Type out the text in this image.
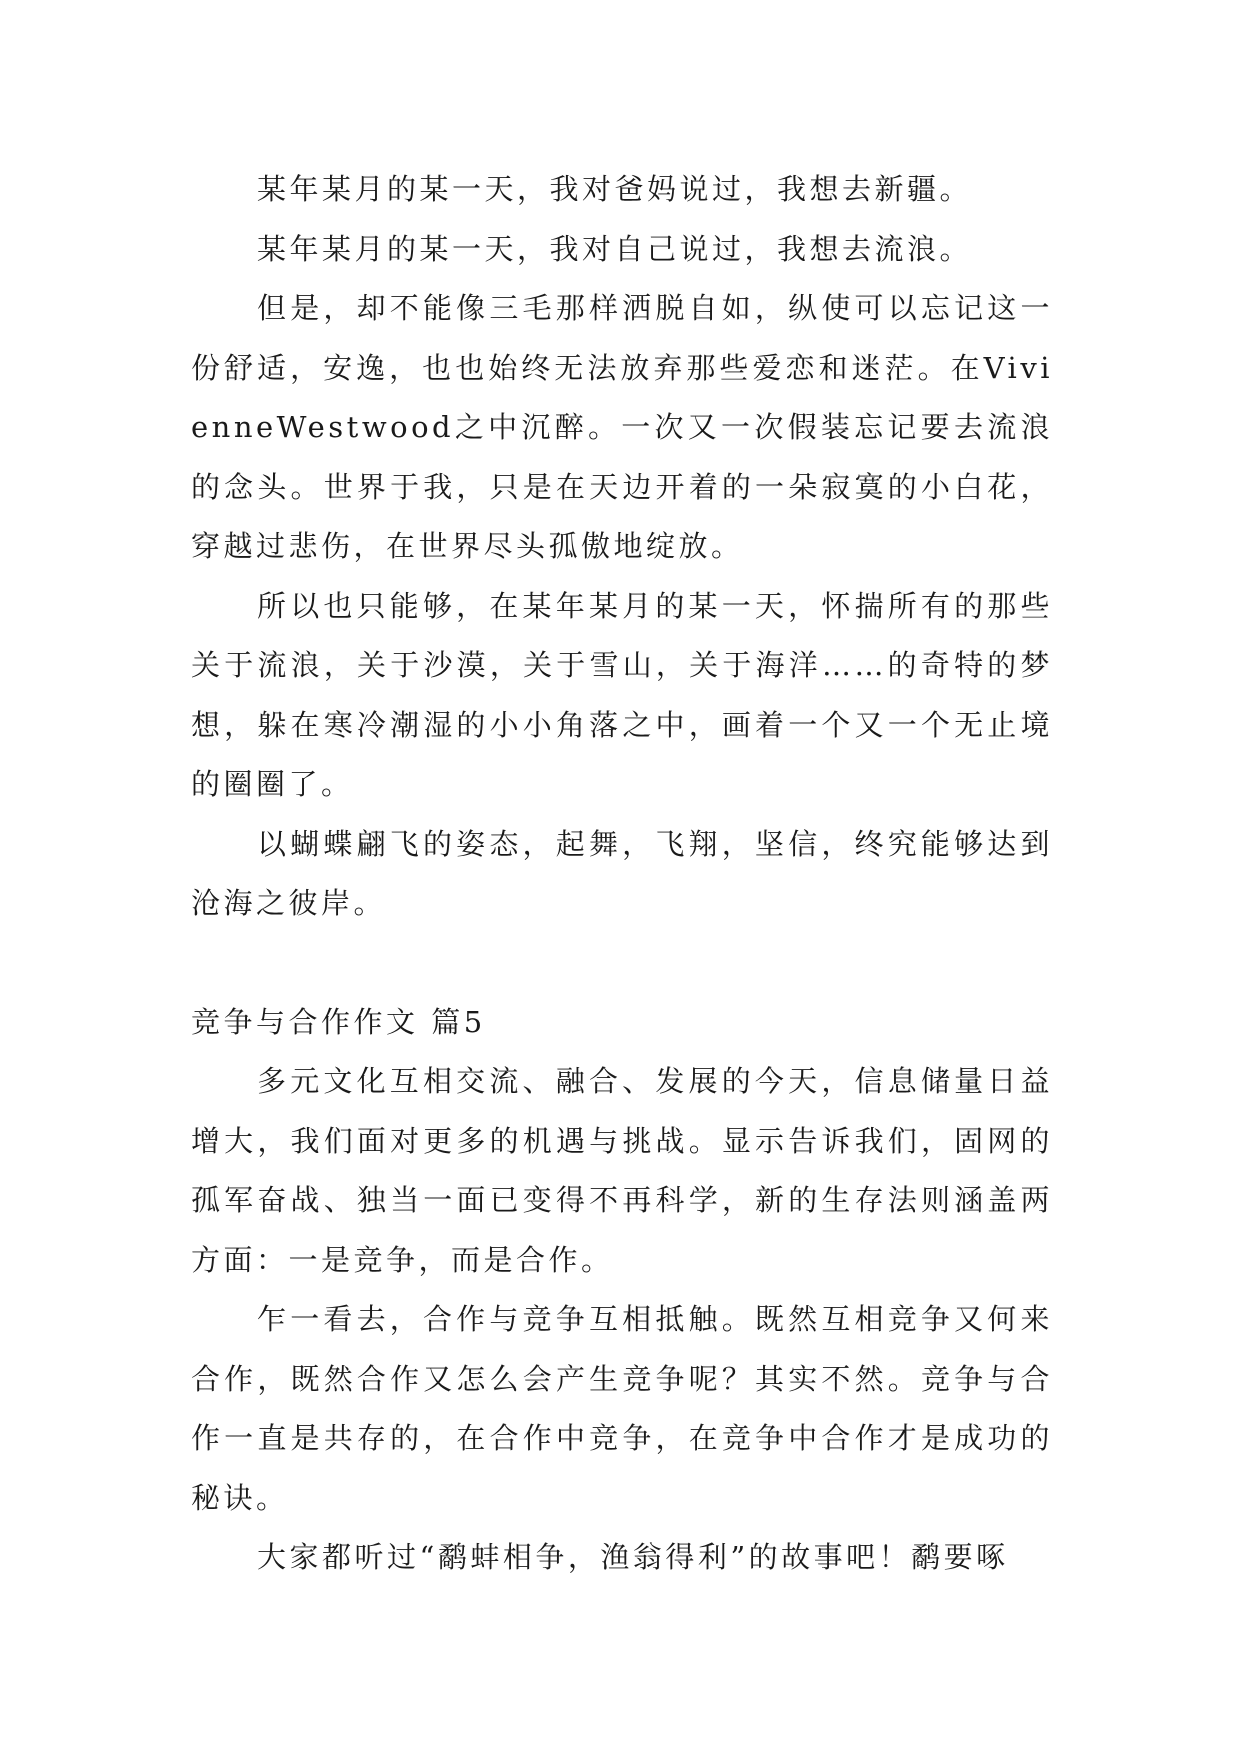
某年某月的某一天，我对爸妈说过，我想去新疆。

某年某月的某一天，我对自己说过，我想去流浪。

但是，却不能像三毛那样洒脱自如，纵使可以忘记这一份舒适，安逸，也也始终无法放弃那些爱恋和迷茫。在VivienneWestwood之中沉醉。一次又一次假装忘记要去流浪的念头。世界于我，只是在天边开着的一朵寂寞的小白花，穿越过悲伤，在世界尽头孤傲地绽放。

所以也只能够，在某年某月的某一天，怀揣所有的那些关于流浪，关于沙漠，关于雪山，关于海洋……的奇特的梦想，躲在寒冷潮湿的小小角落之中，画着一个又一个无止境的圈圈了。

以蝴蝶翩飞的姿态，起舞，飞翔，坚信，终究能够达到沧海之彼岸。

竞争与合作作文 篇5

多元文化互相交流、融合、发展的今天，信息储量日益增大，我们面对更多的机遇与挑战。显示告诉我们，固网的孤军奋战、独当一面已变得不再科学，新的生存法则涵盖两方面：一是竞争，而是合作。

乍一看去，合作与竞争互相抵触。既然互相竞争又何来合作，既然合作又怎么会产生竞争呢？其实不然。竞争与合作一直是共存的，在合作中竞争，在竞争中合作才是成功的秘诀。

大家都听过“鹬蚌相争，渔翁得利”的故事吧！鹬要啄
